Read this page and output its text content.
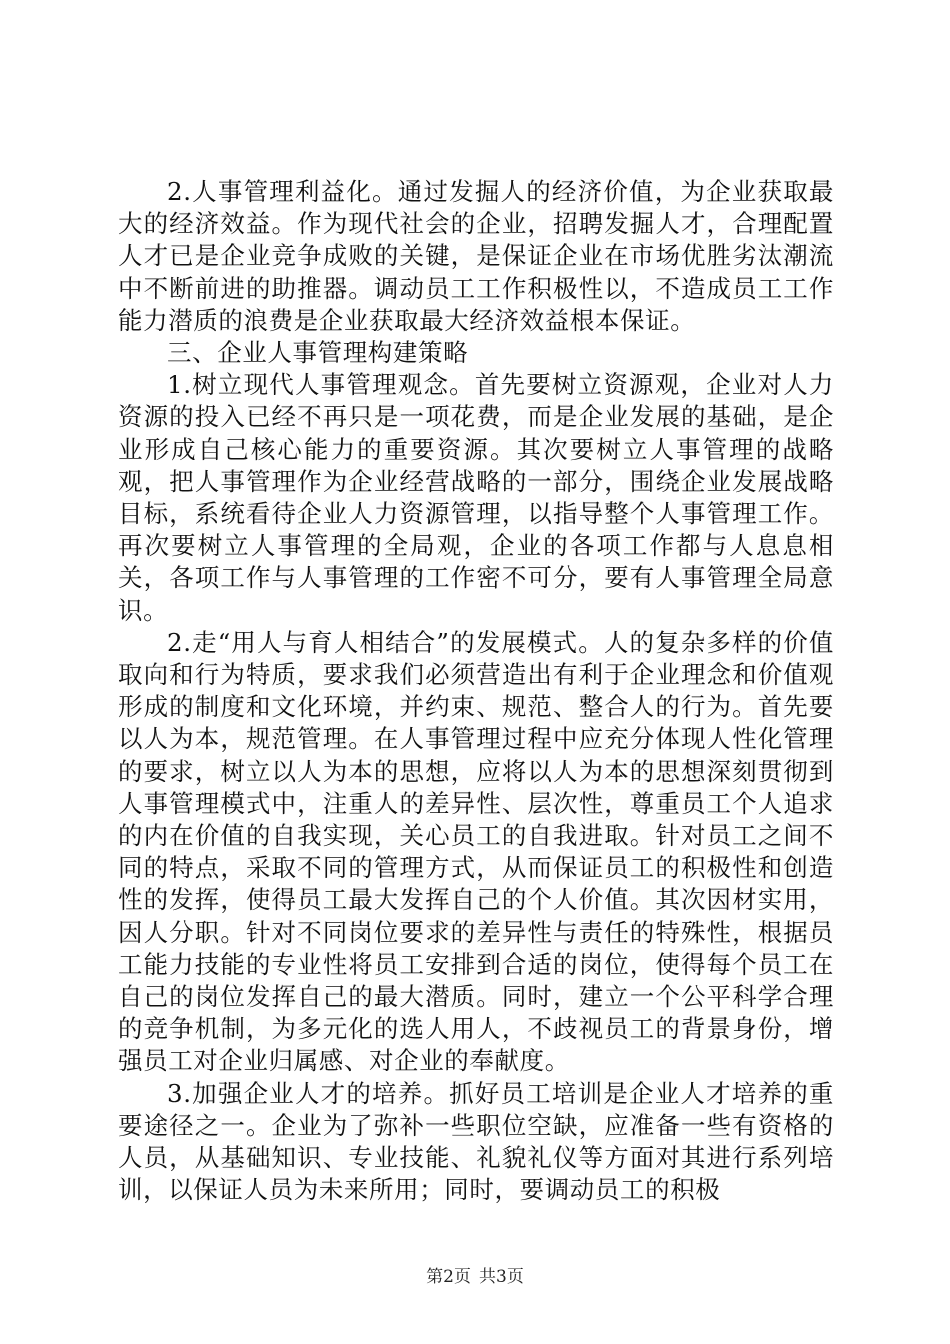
2.人事管理利益化。通过发掘人的经济价值，为企业获取最大的经济效益。作为现代社会的企业，招聘发掘人才，合理配置人才已是企业竞争成败的关键，是保证企业在市场优胜劣汰潮流中不断前进的助推器。调动员工工作积极性以，不造成员工工作能力潜质的浪费是企业获取最大经济效益根本保证。

三、企业人事管理构建策略

1.树立现代人事管理观念。首先要树立资源观，企业对人力资源的投入已经不再只是一项花费，而是企业发展的基础，是企业形成自己核心能力的重要资源。其次要树立人事管理的战略观，把人事管理作为企业经营战略的一部分，围绕企业发展战略目标，系统看待企业人力资源管理，以指导整个人事管理工作。再次要树立人事管理的全局观，企业的各项工作都与人息息相关，各项工作与人事管理的工作密不可分，要有人事管理全局意识。

2.走“用人与育人相结合”的发展模式。人的复杂多样的价值取向和行为特质，要求我们必须营造出有利于企业理念和价值观形成的制度和文化环境，并约束、规范、整合人的行为。首先要以人为本，规范管理。在人事管理过程中应充分体现人性化管理的要求，树立以人为本的思想，应将以人为本的思想深刻贯彻到人事管理模式中，注重人的差异性、层次性，尊重员工个人追求的内在价值的自我实现，关心员工的自我进取。针对员工之间不同的特点，采取不同的管理方式，从而保证员工的积极性和创造性的发挥，使得员工最大发挥自己的个人价值。其次因材实用，因人分职。针对不同岗位要求的差异性与责任的特殊性，根据员工能力技能的专业性将员工安排到合适的岗位，使得每个员工在自己的岗位发挥自己的最大潜质。同时，建立一个公平科学合理的竞争机制，为多元化的选人用人，不歧视员工的背景身份，增强员工对企业归属感、对企业的奉献度。

3.加强企业人才的培养。抓好员工培训是企业人才培养的重要途径之一。企业为了弥补一些职位空缺，应准备一些有资格的人员，从基础知识、专业技能、礼貌礼仪等方面对其进行系列培训，以保证人员为未来所用；同时，要调动员工的积极

第2页 共3页
